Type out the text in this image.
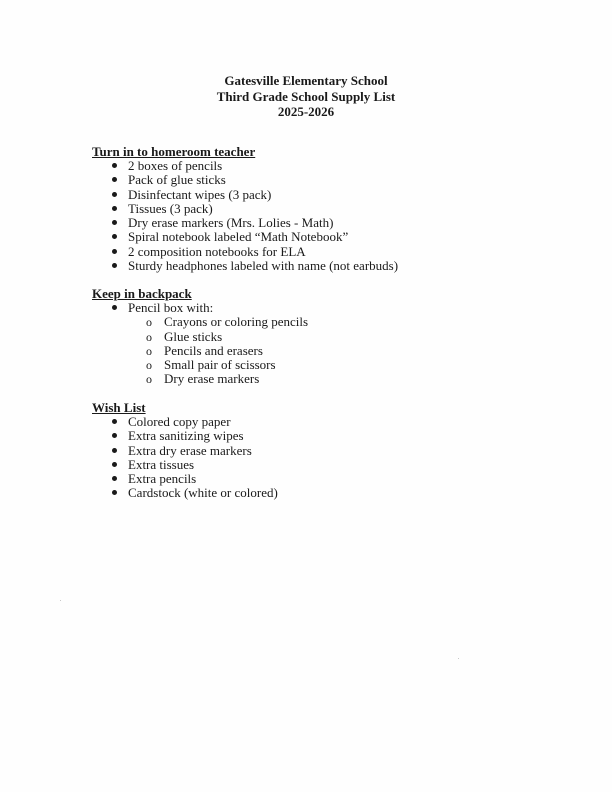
Gatesville Elementary School
Third Grade School Supply List
2025-2026
Turn in to homeroom teacher
2 boxes of pencils
Pack of glue sticks
Disinfectant wipes (3 pack)
Tissues (3 pack)
Dry erase markers (Mrs. Lolies - Math)
Spiral notebook labeled “Math Notebook”
2 composition notebooks for ELA
Sturdy headphones labeled with name (not earbuds)
Keep in backpack
Pencil box with:
o Crayons or coloring pencils
o Glue sticks
o Pencils and erasers
o Small pair of scissors
o Dry erase markers
Wish List
Colored copy paper
Extra sanitizing wipes
Extra dry erase markers
Extra tissues
Extra pencils
Cardstock (white or colored)
